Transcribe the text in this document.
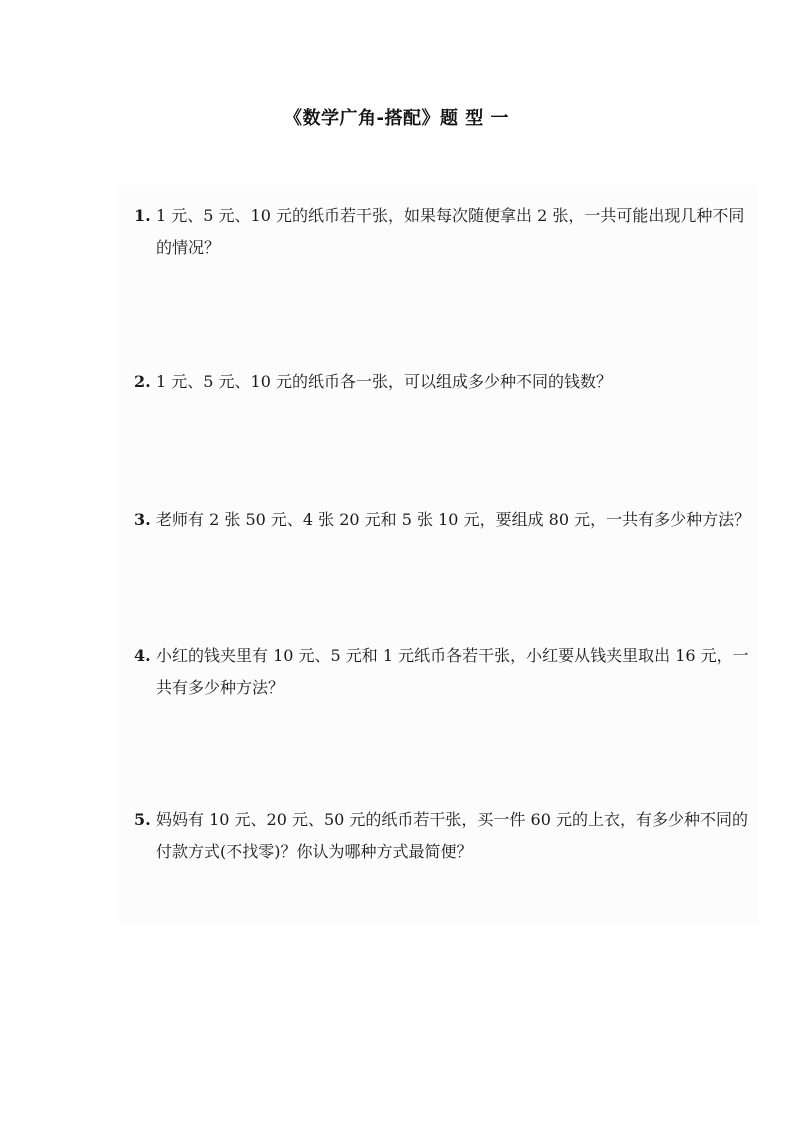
《数学广角-搭配》题 型 一
1. 1 元、5 元、10 元的纸币若干张，如果每次随便拿出 2 张，一共可能出现几种不同
的情况？
2. 1 元、5 元、10 元的纸币各一张，可以组成多少种不同的钱数？
3. 老师有 2 张 50 元、4 张 20 元和 5 张 10 元，要组成 80 元，一共有多少种方法？
4. 小红的钱夹里有 10 元、5 元和 1 元纸币各若干张，小红要从钱夹里取出 16 元，一
共有多少种方法？
5. 妈妈有 10 元、20 元、50 元的纸币若干张，买一件 60 元的上衣，有多少种不同的
付款方式(不找零)？你认为哪种方式最简便？
